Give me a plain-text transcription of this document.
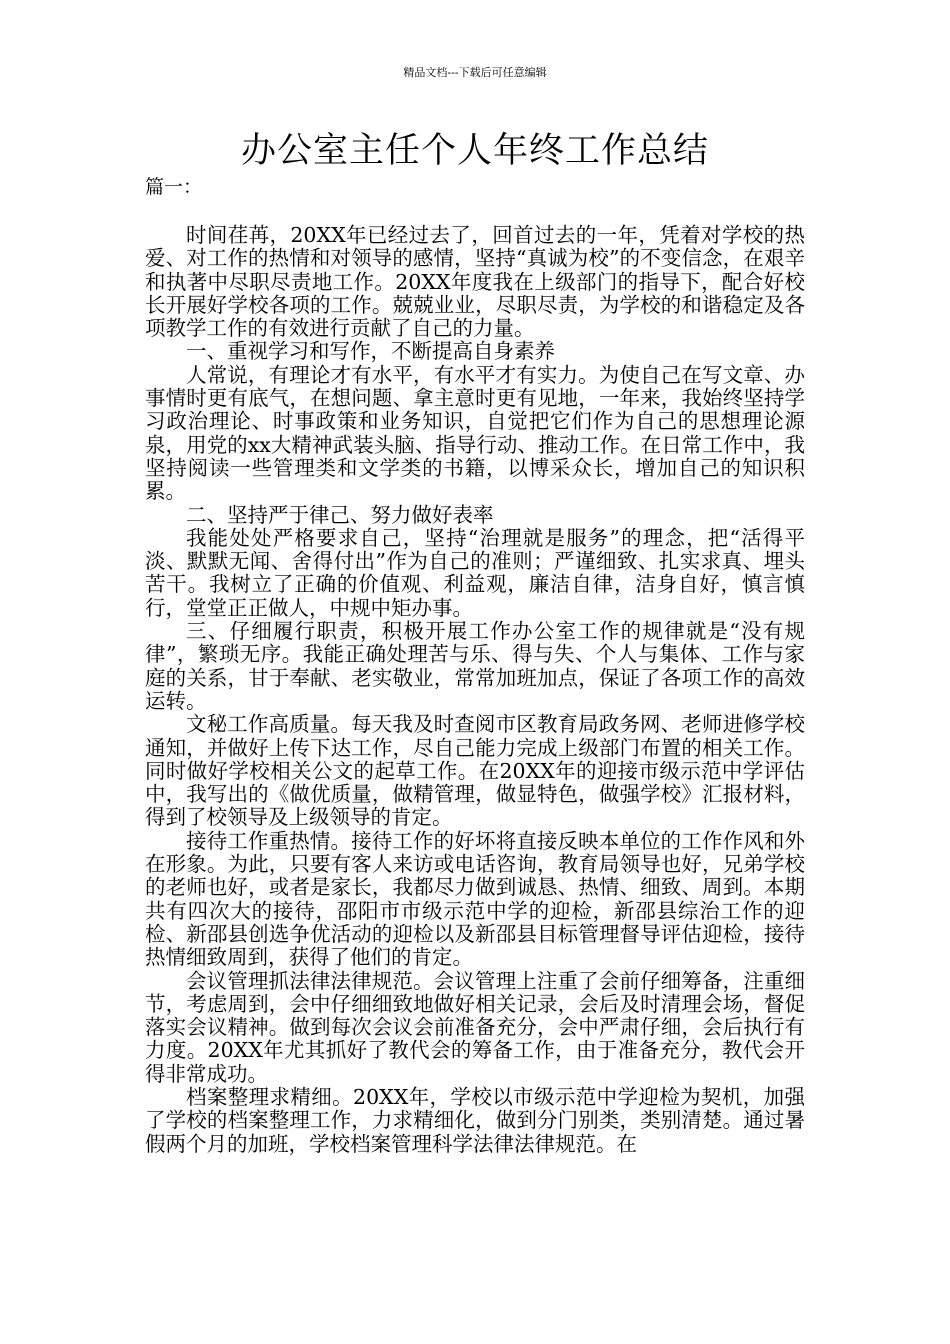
精品文档---下载后可任意编辑
办公室主任个人年终工作总结
篇一：

时间荏苒，20XX年已经过去了，回首过去的一年，凭着对学校的热爱、对工作的热情和对领导的感情，坚持“真诚为校”的不变信念，在艰辛和执著中尽职尽责地工作。20XX年度我在上级部门的指导下，配合好校长开展好学校各项的工作。兢兢业业，尽职尽责，为学校的和谐稳定及各项教学工作的有效进行贡献了自己的力量。

一、重视学习和写作，不断提高自身素养

人常说，有理论才有水平，有水平才有实力。为使自己在写文章、办事情时更有底气，在想问题、拿主意时更有见地，一年来，我始终坚持学习政治理论、时事政策和业务知识，自觉把它们作为自己的思想理论源泉，用党的xx大精神武装头脑、指导行动、推动工作。在日常工作中，我坚持阅读一些管理类和文学类的书籍，以博采众长，增加自己的知识积累。

二、坚持严于律己、努力做好表率

我能处处严格要求自己，坚持“治理就是服务”的理念，把“活得平淡、默默无闻、舍得付出”作为自己的准则；严谨细致、扎实求真、埋头苦干。我树立了正确的价值观、利益观，廉洁自律，洁身自好，慎言慎行，堂堂正正做人，中规中矩办事。

三、仔细履行职责，积极开展工作办公室工作的规律就是“没有规律”，繁琐无序。我能正确处理苦与乐、得与失、个人与集体、工作与家庭的关系，甘于奉献、老实敬业，常常加班加点，保证了各项工作的高效运转。

文秘工作高质量。每天我及时查阅市区教育局政务网、老师进修学校通知，并做好上传下达工作，尽自己能力完成上级部门布置的相关工作。同时做好学校相关公文的起草工作。在20XX年的迎接市级示范中学评估中，我写出的《做优质量，做精管理，做显特色，做强学校》汇报材料，得到了校领导及上级领导的肯定。

接待工作重热情。接待工作的好坏将直接反映本单位的工作作风和外在形象。为此，只要有客人来访或电话咨询，教育局领导也好，兄弟学校的老师也好，或者是家长，我都尽力做到诚恳、热情、细致、周到。本期共有四次大的接待，邵阳市市级示范中学的迎检，新邵县综治工作的迎检、新邵县创选争优活动的迎检以及新邵县目标管理督导评估迎检，接待热情细致周到，获得了他们的肯定。

会议管理抓法律法律规范。会议管理上注重了会前仔细筹备，注重细节，考虑周到，会中仔细细致地做好相关记录，会后及时清理会场，督促落实会议精神。做到每次会议会前准备充分，会中严肃仔细，会后执行有力度。20XX年尤其抓好了教代会的筹备工作，由于准备充分，教代会开得非常成功。

档案整理求精细。20XX年，学校以市级示范中学迎检为契机，加强了学校的档案整理工作，力求精细化，做到分门别类，类别清楚。通过暑假两个月的加班，学校档案管理科学法律法律规范。在
